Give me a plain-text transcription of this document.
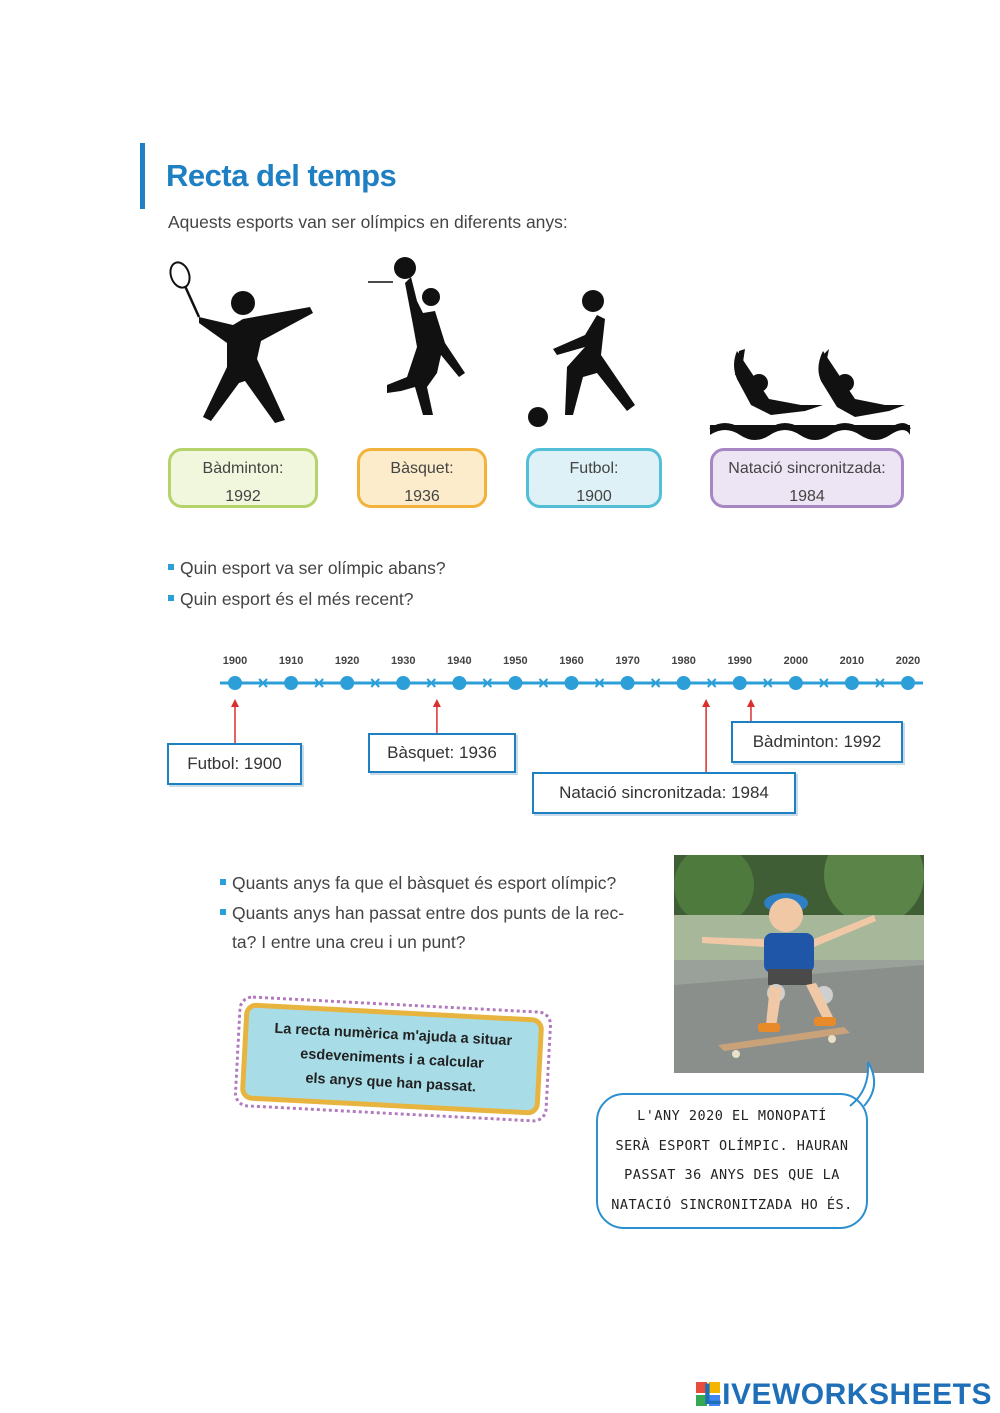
Recta del temps
Aquests esports van ser olímpics en diferents anys:
Bàdminton:
1992
Bàsquet:
1936
Futbol:
1900
Natació sincronitzada:
1984
Quin esport va ser olímpic abans?
Quin esport és el més recent?
1900	1910	1920	1930	1940	1950	1960	1970	1980	1990	2000	2010	2020
Futbol: 1900
Bàsquet: 1936
Natació sincronitzada: 1984
Bàdminton: 1992
Quants anys fa que el bàsquet és esport olímpic?
Quants anys han passat entre dos punts de la rec-
ta? I entre una creu i un punt?
La recta numèrica m'ajuda a situar
esdeveniments i a calcular
els anys que han passat.
L'ANY 2020 EL MONOPATÍ
SERÀ ESPORT OLÍMPIC. HAURAN
PASSAT 36 ANYS DES QUE LA
NATACIÓ SINCRONITZADA HO ÉS.
LIVEWORKSHEETS
